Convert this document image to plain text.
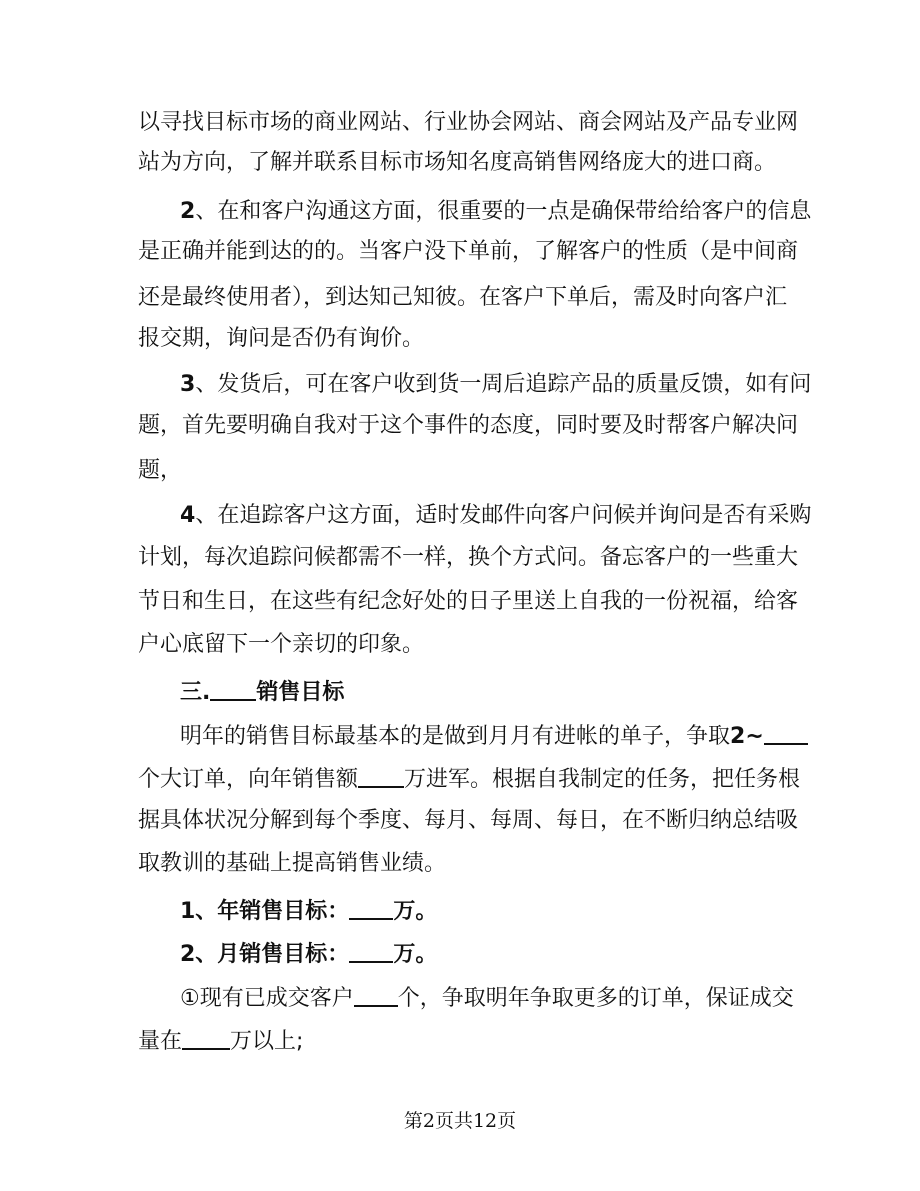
以寻找目标市场的商业网站、行业协会网站、商会网站及产品专业网
站为方向，了解并联系目标市场知名度高销售网络庞大的进口商。
2、在和客户沟通这方面，很重要的一点是确保带给给客户的信息
是正确并能到达的的。当客户没下单前，了解客户的性质（是中间商
还是最终使用者），到达知己知彼。在客户下单后，需及时向客户汇
报交期，询问是否仍有询价。
3、发货后，可在客户收到货一周后追踪产品的质量反馈，如有问
题，首先要明确自我对于这个事件的态度，同时要及时帮客户解决问
题，
4、在追踪客户这方面，适时发邮件向客户问候并询问是否有采购
计划，每次追踪问候都需不一样，换个方式问。备忘客户的一些重大
节日和生日，在这些有纪念好处的日子里送上自我的一份祝福，给客
户心底留下一个亲切的印象。
三. 销售目标
明年的销售目标最基本的是做到月月有进帐的单子，争取2~
个大订单，向年销售额 万进军。根据自我制定的任务，把任务根
据具体状况分解到每个季度、每月、每周、每日，在不断归纳总结吸
取教训的基础上提高销售业绩。
1、年销售目标： 万。
2、月销售目标： 万。
①现有已成交客户 个，争取明年争取更多的订单，保证成交
量在 万以上;
第2页共12页
